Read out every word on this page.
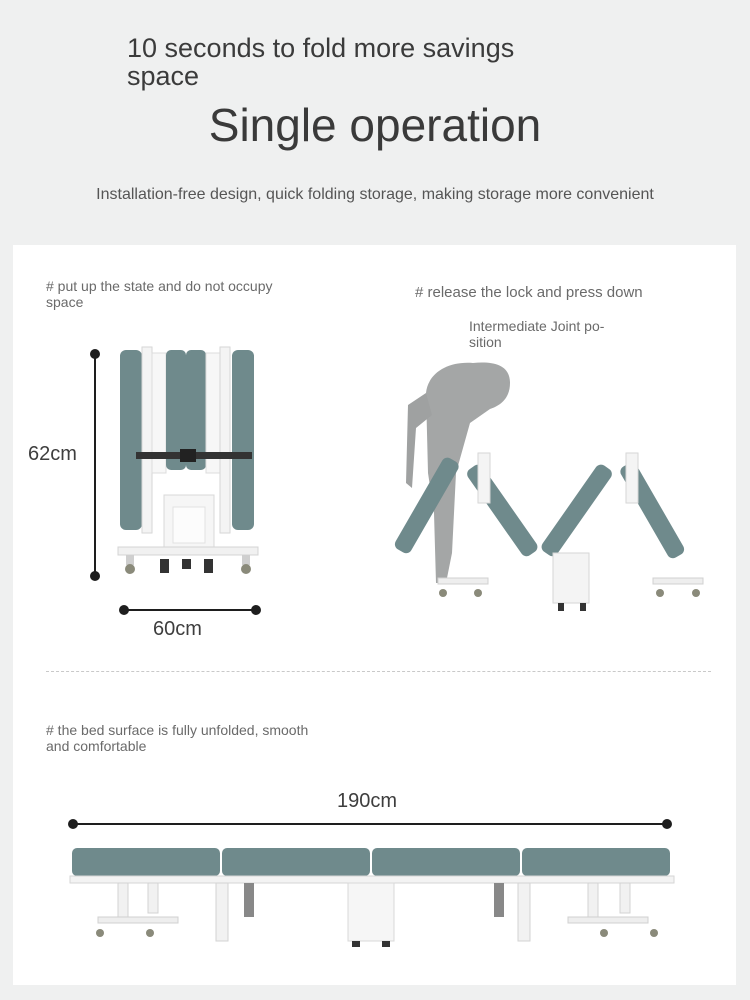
10 seconds to fold more savings
space
Single operation
Installation-free design, quick folding storage, making storage more convenient
# put up the state and do not occupy
space
62cm
60cm
# release the lock and press down
Intermediate Joint po-
sition
# the bed surface is fully unfolded, smooth
and comfortable
190cm
